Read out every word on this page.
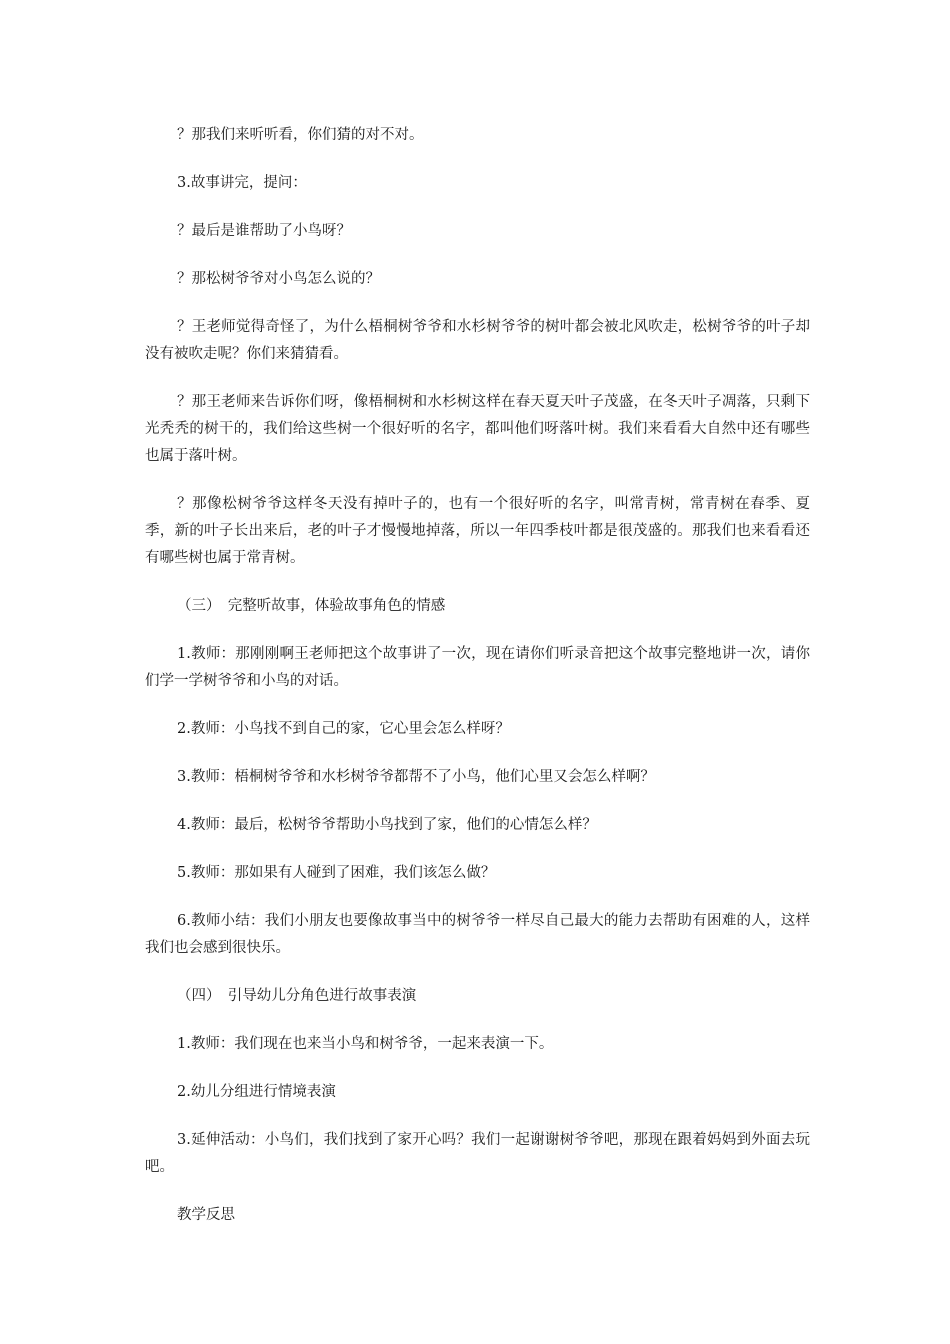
？那我们来听听看，你们猜的对不对。

3.故事讲完，提问：

？最后是谁帮助了小鸟呀？

？那松树爷爷对小鸟怎么说的？

？王老师觉得奇怪了，为什么梧桐树爷爷和水杉树爷爷的树叶都会被北风吹走，松树爷爷的叶子却没有被吹走呢？你们来猜猜看。

？那王老师来告诉你们呀，像梧桐树和水杉树这样在春天夏天叶子茂盛，在冬天叶子凋落，只剩下光秃秃的树干的，我们给这些树一个很好听的名字，都叫他们呀落叶树。我们来看看大自然中还有哪些也属于落叶树。

？那像松树爷爷这样冬天没有掉叶子的，也有一个很好听的名字，叫常青树，常青树在春季、夏季，新的叶子长出来后，老的叶子才慢慢地掉落，所以一年四季枝叶都是很茂盛的。那我们也来看看还有哪些树也属于常青树。

（三）　完整听故事，体验故事角色的情感

1.教师：那刚刚啊王老师把这个故事讲了一次，现在请你们听录音把这个故事完整地讲一次，请你们学一学树爷爷和小鸟的对话。

2.教师：小鸟找不到自己的家，它心里会怎么样呀？

3.教师：梧桐树爷爷和水杉树爷爷都帮不了小鸟，他们心里又会怎么样啊？

4.教师：最后，松树爷爷帮助小鸟找到了家，他们的心情怎么样？

5.教师：那如果有人碰到了困难，我们该怎么做？

6.教师小结：我们小朋友也要像故事当中的树爷爷一样尽自己最大的能力去帮助有困难的人，这样我们也会感到很快乐。

（四）　引导幼儿分角色进行故事表演

1.教师：我们现在也来当小鸟和树爷爷，一起来表演一下。

2.幼儿分组进行情境表演

3.延伸活动：小鸟们，我们找到了家开心吗？我们一起谢谢树爷爷吧，那现在跟着妈妈到外面去玩吧。

教学反思
